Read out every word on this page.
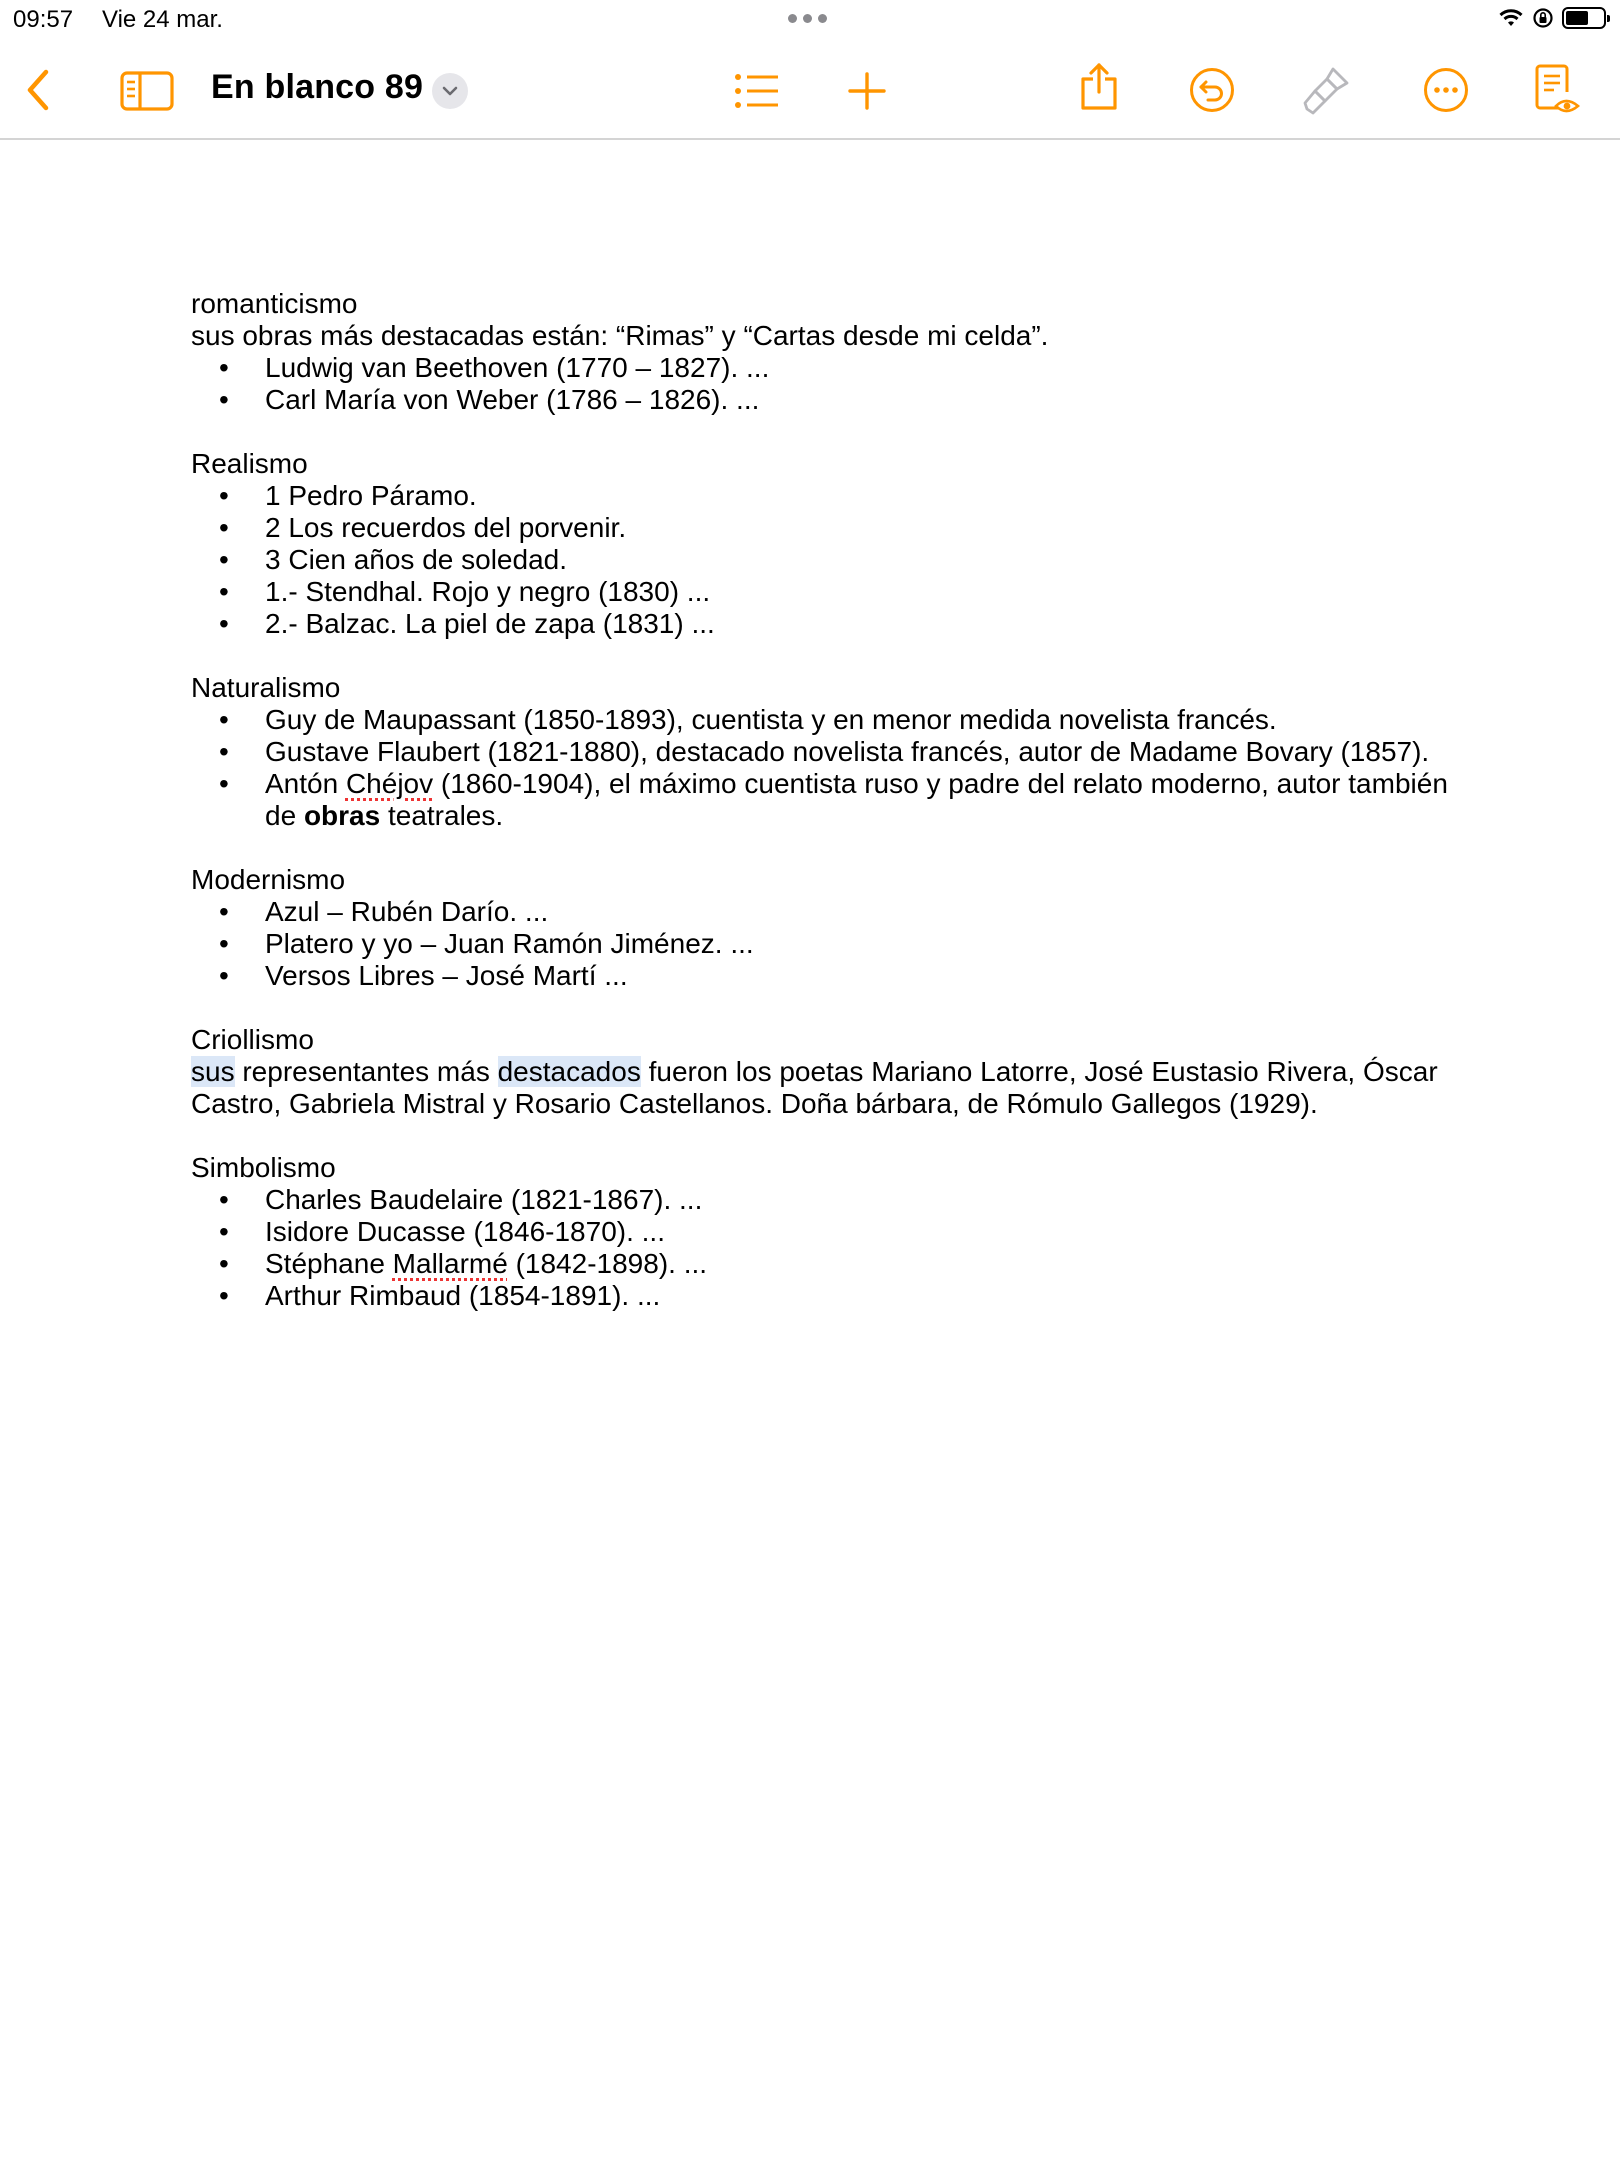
09:57 Vie 24 mar.
En blanco 89

romanticismo

sus obras más destacadas están: “Rimas” y “Cartas desde mi celda”.

• Ludwig van Beethoven (1770 – 1827). ...
• Carl María von Weber (1786 – 1826). ...

Realismo

• 1 Pedro Páramo.
• 2 Los recuerdos del porvenir.
• 3 Cien años de soledad.
• 1.- Stendhal. Rojo y negro (1830) ...
• 2.- Balzac. La piel de zapa (1831) ...

Naturalismo

• Guy de Maupassant (1850-1893), cuentista y en menor medida novelista francés.
• Gustave Flaubert (1821-1880), destacado novelista francés, autor de Madame Bovary (1857).
• Antón Chéjov (1860-1904), el máximo cuentista ruso y padre del relato moderno, autor también de obras teatrales.

Modernismo

• Azul – Rubén Darío. ...
• Platero y yo – Juan Ramón Jiménez. ...
• Versos Libres – José Martí ...

Criollismo

sus representantes más destacados fueron los poetas Mariano Latorre, José Eustasio Rivera, Óscar Castro, Gabriela Mistral y Rosario Castellanos. Doña bárbara, de Rómulo Gallegos (1929).

Simbolismo

• Charles Baudelaire (1821-1867). ...
• Isidore Ducasse (1846-1870). ...
• Stéphane Mallarmé (1842-1898). ...
• Arthur Rimbaud (1854-1891). ...
